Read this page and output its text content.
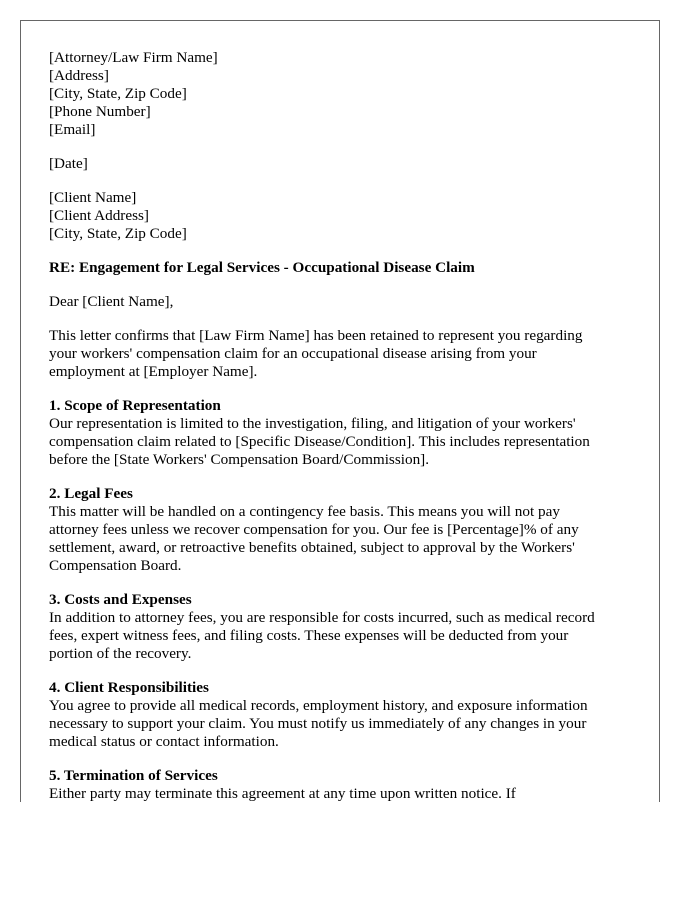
[Attorney/Law Firm Name]
[Address]
[City, State, Zip Code]
[Phone Number]
[Email]
[Date]
[Client Name]
[Client Address]
[City, State, Zip Code]
RE: Engagement for Legal Services - Occupational Disease Claim
Dear [Client Name],
This letter confirms that [Law Firm Name] has been retained to represent you regarding
your workers' compensation claim for an occupational disease arising from your
employment at [Employer Name].
1. Scope of Representation
Our representation is limited to the investigation, filing, and litigation of your workers'
compensation claim related to [Specific Disease/Condition]. This includes representation
before the [State Workers' Compensation Board/Commission].
2. Legal Fees
This matter will be handled on a contingency fee basis. This means you will not pay
attorney fees unless we recover compensation for you. Our fee is [Percentage]% of any
settlement, award, or retroactive benefits obtained, subject to approval by the Workers'
Compensation Board.
3. Costs and Expenses
In addition to attorney fees, you are responsible for costs incurred, such as medical record
fees, expert witness fees, and filing costs. These expenses will be deducted from your
portion of the recovery.
4. Client Responsibilities
You agree to provide all medical records, employment history, and exposure information
necessary to support your claim. You must notify us immediately of any changes in your
medical status or contact information.
5. Termination of Services
Either party may terminate this agreement at any time upon written notice. If
